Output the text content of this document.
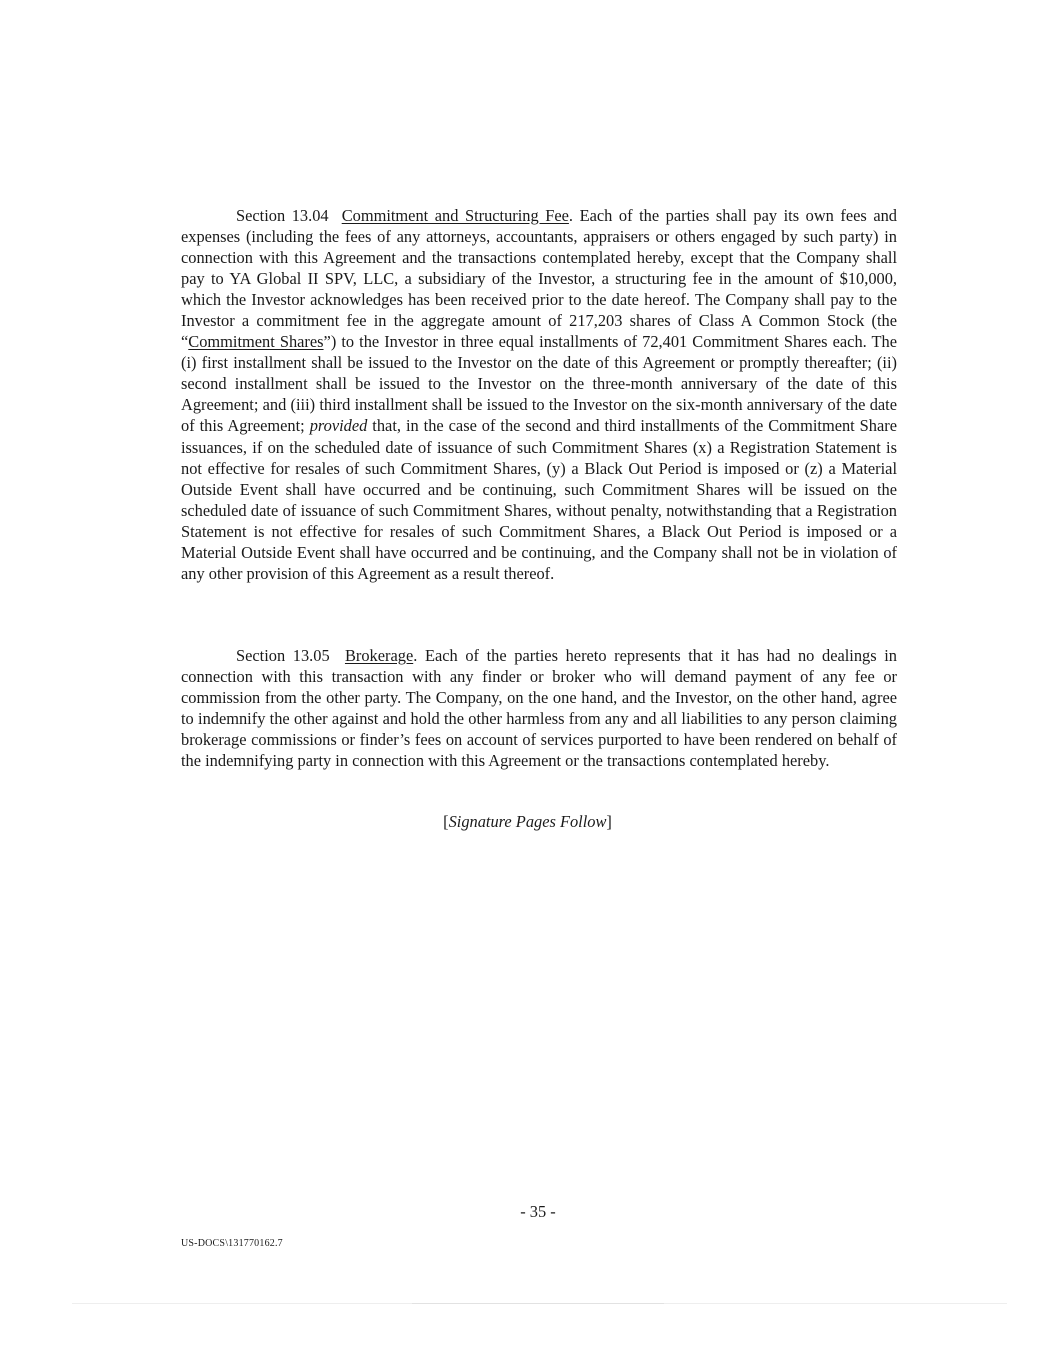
Section 13.04 Commitment and Structuring Fee. Each of the parties shall pay its own fees and expenses (including the fees of any attorneys, accountants, appraisers or others engaged by such party) in connection with this Agreement and the transactions contemplated hereby, except that the Company shall pay to YA Global II SPV, LLC, a subsidiary of the Investor, a structuring fee in the amount of $10,000, which the Investor acknowledges has been received prior to the date hereof. The Company shall pay to the Investor a commitment fee in the aggregate amount of 217,203 shares of Class A Common Stock (the “Commitment Shares”) to the Investor in three equal installments of 72,401 Commitment Shares each. The (i) first installment shall be issued to the Investor on the date of this Agreement or promptly thereafter; (ii) second installment shall be issued to the Investor on the three-month anniversary of the date of this Agreement; and (iii) third installment shall be issued to the Investor on the six-month anniversary of the date of this Agreement; provided that, in the case of the second and third installments of the Commitment Share issuances, if on the scheduled date of issuance of such Commitment Shares (x) a Registration Statement is not effective for resales of such Commitment Shares, (y) a Black Out Period is imposed or (z) a Material Outside Event shall have occurred and be continuing, such Commitment Shares will be issued on the scheduled date of issuance of such Commitment Shares, without penalty, notwithstanding that a Registration Statement is not effective for resales of such Commitment Shares, a Black Out Period is imposed or a Material Outside Event shall have occurred and be continuing, and the Company shall not be in violation of any other provision of this Agreement as a result thereof.

Section 13.05 Brokerage. Each of the parties hereto represents that it has had no dealings in connection with this transaction with any finder or broker who will demand payment of any fee or commission from the other party. The Company, on the one hand, and the Investor, on the other hand, agree to indemnify the other against and hold the other harmless from any and all liabilities to any person claiming brokerage commissions or finder’s fees on account of services purported to have been rendered on behalf of the indemnifying party in connection with this Agreement or the transactions contemplated hereby.

[Signature Pages Follow]
- 35 -
US-DOCS\131770162.7
